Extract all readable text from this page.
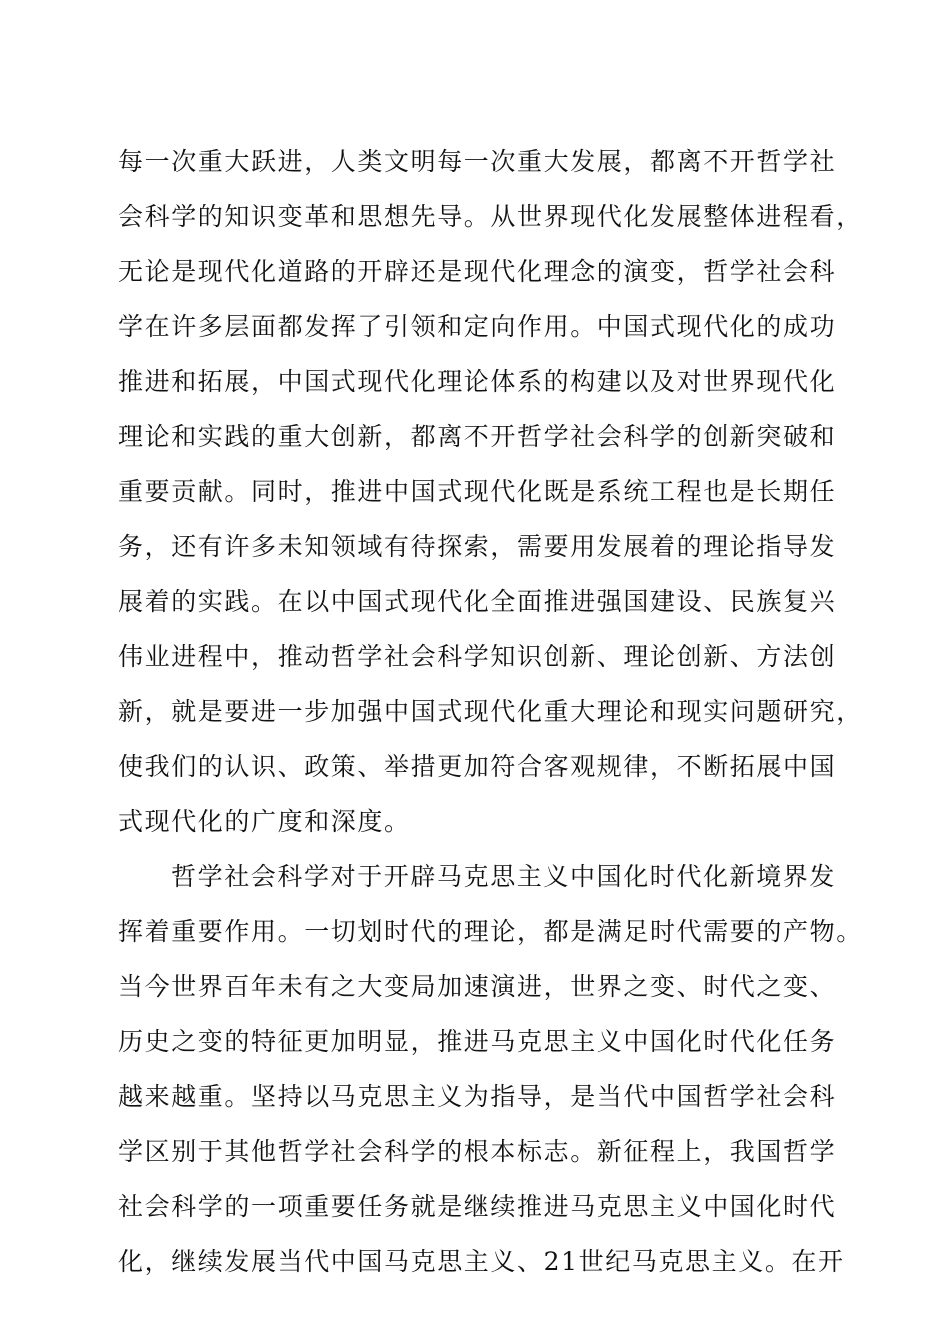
每一次重大跃进，人类文明每一次重大发展，都离不开哲学社
会科学的知识变革和思想先导。从世界现代化发展整体进程看，
无论是现代化道路的开辟还是现代化理念的演变，哲学社会科
学在许多层面都发挥了引领和定向作用。中国式现代化的成功
推进和拓展，中国式现代化理论体系的构建以及对世界现代化
理论和实践的重大创新，都离不开哲学社会科学的创新突破和
重要贡献。同时，推进中国式现代化既是系统工程也是长期任
务，还有许多未知领域有待探索，需要用发展着的理论指导发
展着的实践。在以中国式现代化全面推进强国建设、民族复兴
伟业进程中，推动哲学社会科学知识创新、理论创新、方法创
新，就是要进一步加强中国式现代化重大理论和现实问题研究，
使我们的认识、政策、举措更加符合客观规律，不断拓展中国
式现代化的广度和深度。
哲学社会科学对于开辟马克思主义中国化时代化新境界发
挥着重要作用。一切划时代的理论，都是满足时代需要的产物。
当今世界百年未有之大变局加速演进，世界之变、时代之变、
历史之变的特征更加明显，推进马克思主义中国化时代化任务
越来越重。坚持以马克思主义为指导，是当代中国哲学社会科
学区别于其他哲学社会科学的根本标志。新征程上，我国哲学
社会科学的一项重要任务就是继续推进马克思主义中国化时代
化，继续发展当代中国马克思主义、21世纪马克思主义。在开
